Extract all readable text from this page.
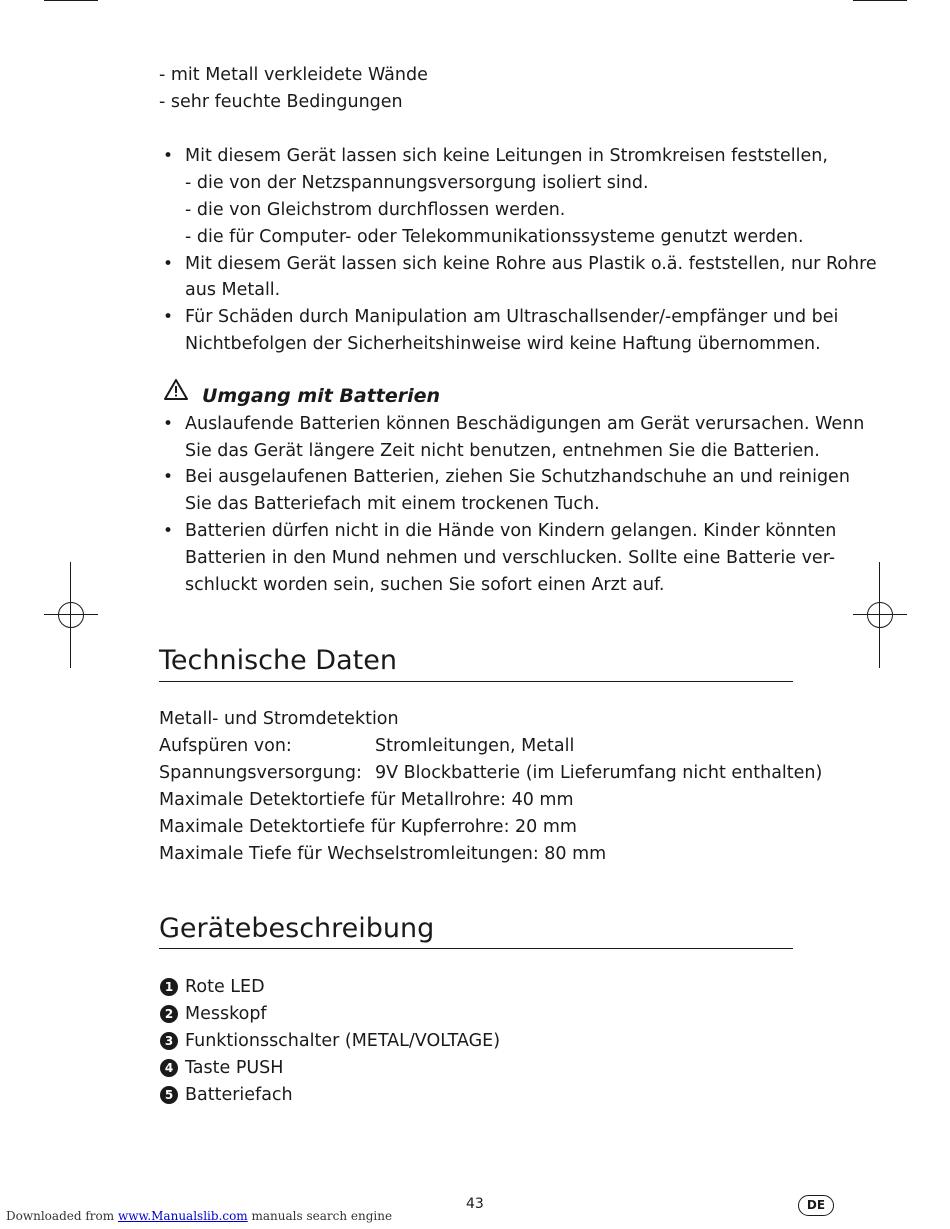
- mit Metall verkleidete Wände
- sehr feuchte Bedingungen
• Mit diesem Gerät lassen sich keine Leitungen in Stromkreisen feststellen,
- die von der Netzspannungsversorgung isoliert sind.
- die von Gleichstrom durchflossen werden.
- die für Computer- oder Telekommunikationssysteme genutzt werden.
• Mit diesem Gerät lassen sich keine Rohre aus Plastik o.ä. feststellen, nur Rohre
aus Metall.
• Für Schäden durch Manipulation am Ultraschallsender/-empfänger und bei
Nichtbefolgen der Sicherheitshinweise wird keine Haftung übernommen.
Umgang mit Batterien
• Auslaufende Batterien können Beschädigungen am Gerät verursachen. Wenn
Sie das Gerät längere Zeit nicht benutzen, entnehmen Sie die Batterien.
• Bei ausgelaufenen Batterien, ziehen Sie Schutzhandschuhe an und reinigen
Sie das Batteriefach mit einem trockenen Tuch.
• Batterien dürfen nicht in die Hände von Kindern gelangen. Kinder könnten
Batterien in den Mund nehmen und verschlucken. Sollte eine Batterie ver-
schluckt worden sein, suchen Sie sofort einen Arzt auf.
Technische Daten
Metall- und Stromdetektion
Aufspüren von:	Stromleitungen, Metall
Spannungsversorgung: 9V Blockbatterie (im Lieferumfang nicht enthalten)
Maximale Detektortiefe für Metallrohre: 40 mm
Maximale Detektortiefe für Kupferrohre: 20 mm
Maximale Tiefe für Wechselstromleitungen: 80 mm
Gerätebeschreibung
1 Rote LED
2 Messkopf
3 Funktionsschalter (METAL/VOLTAGE)
4 Taste PUSH
5 Batteriefach
43	DE
Downloaded from www.Manualslib.com manuals search engine
